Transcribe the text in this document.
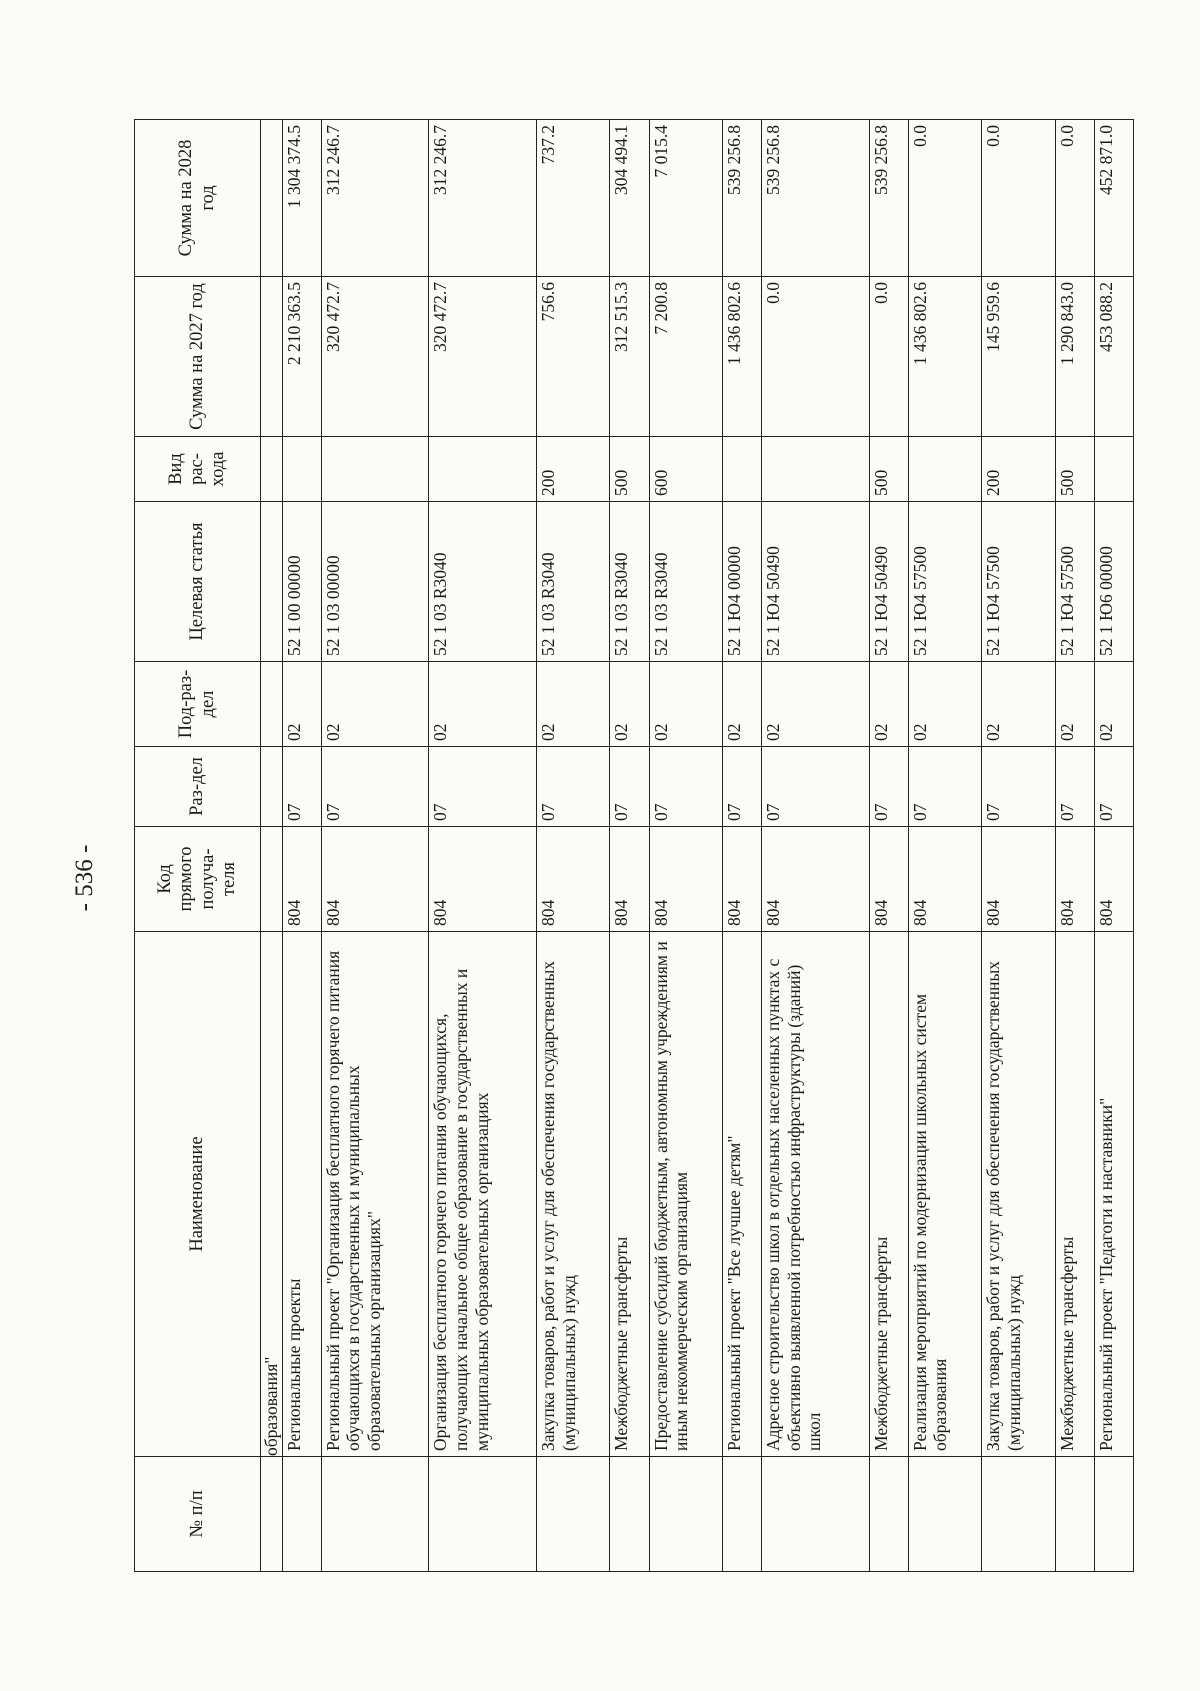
- 536 -
№ п/п	Наименование	Код прямого получа-теля	Раз-дел	Под-раз-дел	Целевая статья	Вид рас-хода	Сумма на 2027 год	Сумма на 2028 год
	образования"							
	Региональные проекты	804	07	02	52 1 00 00000		2 210 363.5	1 304 374.5
	Региональный проект "Организация бесплатного горячего питания обучающихся в государственных и муниципальных образовательных организациях"	804	07	02	52 1 03 00000		320 472.7	312 246.7
	Организация бесплатного горячего питания обучающихся, получающих начальное общее образование в государственных и муниципальных образовательных организациях	804	07	02	52 1 03 R3040		320 472.7	312 246.7
	Закупка товаров, работ и услуг для обеспечения государственных (муниципальных) нужд	804	07	02	52 1 03 R3040	200	756.6	737.2
	Межбюджетные трансферты	804	07	02	52 1 03 R3040	500	312 515.3	304 494.1
	Предоставление субсидий бюджетным, автономным учреждениям и иным некоммерческим организациям	804	07	02	52 1 03 R3040	600	7 200.8	7 015.4
	Региональный проект "Все лучшее детям"	804	07	02	52 1 Ю4 00000		1 436 802.6	539 256.8
	Адресное строительство школ в отдельных населенных пунктах с объективно выявленной потребностью инфраструктуры (зданий) школ	804	07	02	52 1 Ю4 50490		0.0	539 256.8
	Межбюджетные трансферты	804	07	02	52 1 Ю4 50490	500	0.0	539 256.8
	Реализация мероприятий по модернизации школьных систем образования	804	07	02	52 1 Ю4 57500		1 436 802.6	0.0
	Закупка товаров, работ и услуг для обеспечения государственных (муниципальных) нужд	804	07	02	52 1 Ю4 57500	200	145 959.6	0.0
	Межбюджетные трансферты	804	07	02	52 1 Ю4 57500	500	1 290 843.0	0.0
	Региональный проект "Педагоги и наставники"	804	07	02	52 1 Ю6 00000		453 088.2	452 871.0
